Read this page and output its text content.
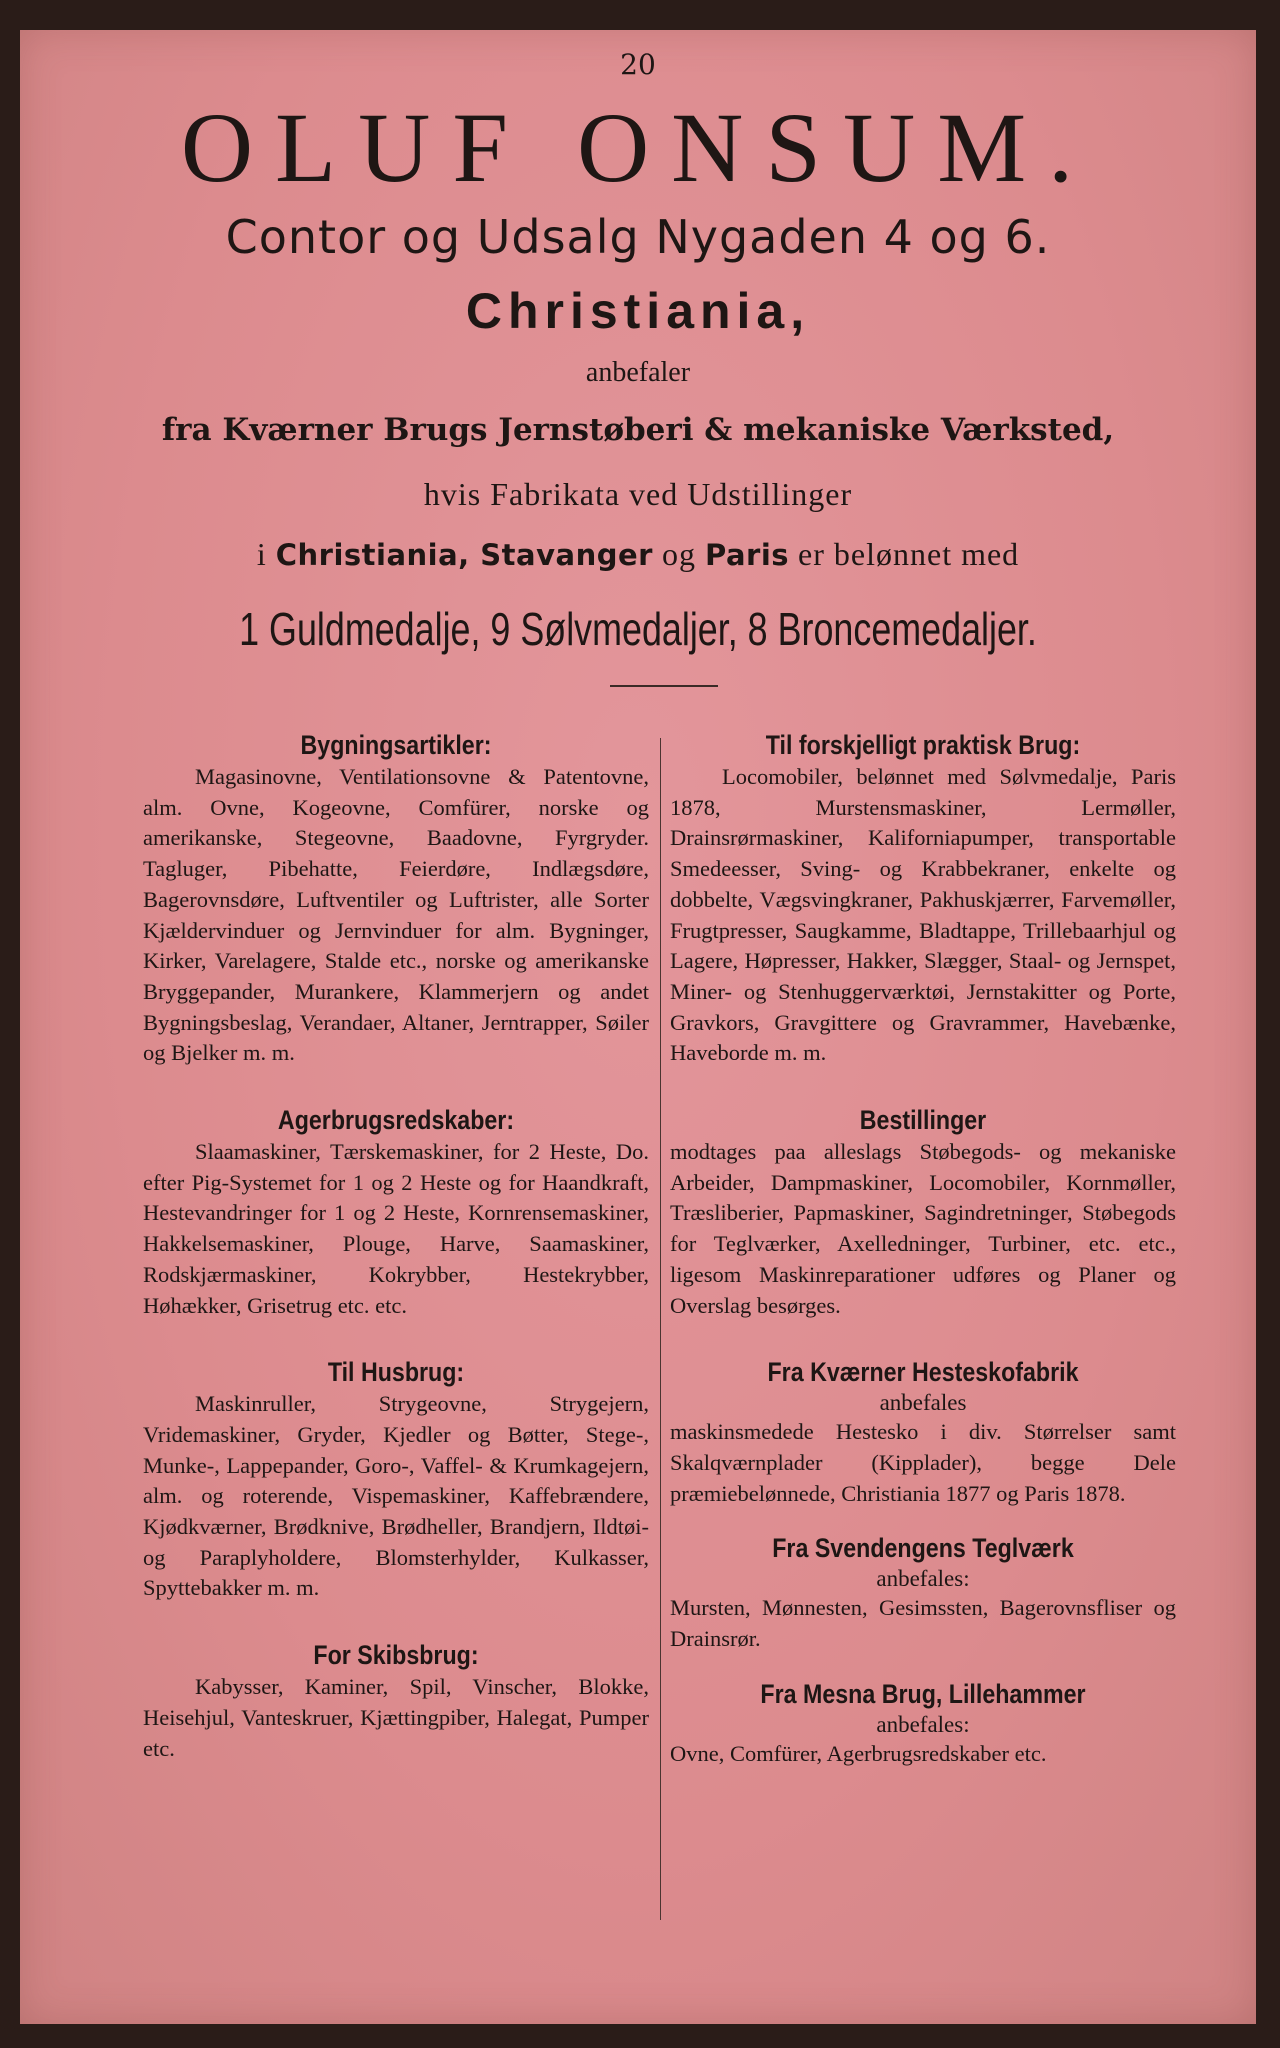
20
OLUF ONSUM.
Contor og Udsalg Nygaden 4 og 6.
Christiania,
anbefaler
fra Kværner Brugs Jernstøberi & mekaniske Værksted,
hvis Fabrikata ved Udstillinger
i Christiania, Stavanger og Paris er belønnet med
1 Guldmedalje, 9 Sølvmedaljer, 8 Broncemedaljer.
Bygningsartikler:
Magasinovne, Ventilationsovne & Patentovne, alm. Ovne, Kogeovne, Comfürer, norske og amerikanske, Stegeovne, Baadovne, Fyrgryder. Tagluger, Pibehatte, Feierdøre, Indlægsdøre, Bagerovnsdøre, Luftventiler og Luftrister, alle Sorter Kjældervinduer og Jernvinduer for alm. Bygninger, Kirker, Varelagere, Stalde etc., norske og amerikanske Bryggepander, Murankere, Klammerjern og andet Bygningsbeslag, Verandaer, Altaner, Jerntrapper, Søiler og Bjelker m. m.
Agerbrugsredskaber:
Slaamaskiner, Tærskemaskiner, for 2 Heste, Do. efter Pig-Systemet for 1 og 2 Heste og for Haandkraft, Hestevandringer for 1 og 2 Heste, Kornrensemaskiner, Hakkelsemaskiner, Plouge, Harve, Saamaskiner, Rodskjærmaskiner, Kokrybber, Hestekrybber, Høhækker, Grisetrug etc. etc.
Til Husbrug:
Maskinruller, Strygeovne, Strygejern, Vridemaskiner, Gryder, Kjedler og Bøtter, Stege-, Munke-, Lappepander, Goro-, Vaffel- & Krumkagejern, alm. og roterende, Vispemaskiner, Kaffebrændere, Kjødkværner, Brødknive, Brødheller, Brandjern, Ildtøi- og Paraplyholdere, Blomsterhylder, Kulkasser, Spyttebakker m. m.
For Skibsbrug:
Kabysser, Kaminer, Spil, Vinscher, Blokke, Heisehjul, Vanteskruer, Kjættingpiber, Halegat, Pumper etc.
Til forskjelligt praktisk Brug:
Locomobiler, belønnet med Sølvmedalje, Paris 1878, Murstensmaskiner, Lermøller, Drainsrørmaskiner, Kaliforniapumper, transportable Smedeesser, Sving- og Krabbekraner, enkelte og dobbelte, Vægsvingkraner, Pakhuskjærrer, Farvemøller, Frugtpresser, Saugkamme, Bladtappe, Trillebaarhjul og Lagere, Høpresser, Hakker, Slægger, Staal- og Jernspet, Miner- og Stenhuggerværktøi, Jernstakitter og Porte, Gravkors, Gravgittere og Gravrammer, Havebænke, Haveborde m. m.
Bestillinger
modtages paa alleslags Støbegods- og mekaniske Arbeider, Dampmaskiner, Locomobiler, Kornmøller, Træsliberier, Papmaskiner, Sagindretninger, Støbegods for Teglværker, Axelledninger, Turbiner, etc. etc., ligesom Maskinreparationer udføres og Planer og Overslag besørges.
Fra Kværner Hesteskofabrik
anbefales
maskinsmedede Hestesko i div. Størrelser samt Skalqværnplader (Kipplader), begge Dele præmiebelønnede, Christiania 1877 og Paris 1878.
Fra Svendengens Teglværk
anbefales:
Mursten, Mønnesten, Gesimssten, Bagerovnsfliser og Drainsrør.
Fra Mesna Brug, Lillehammer
anbefales:
Ovne, Comfürer, Agerbrugsredskaber etc.
